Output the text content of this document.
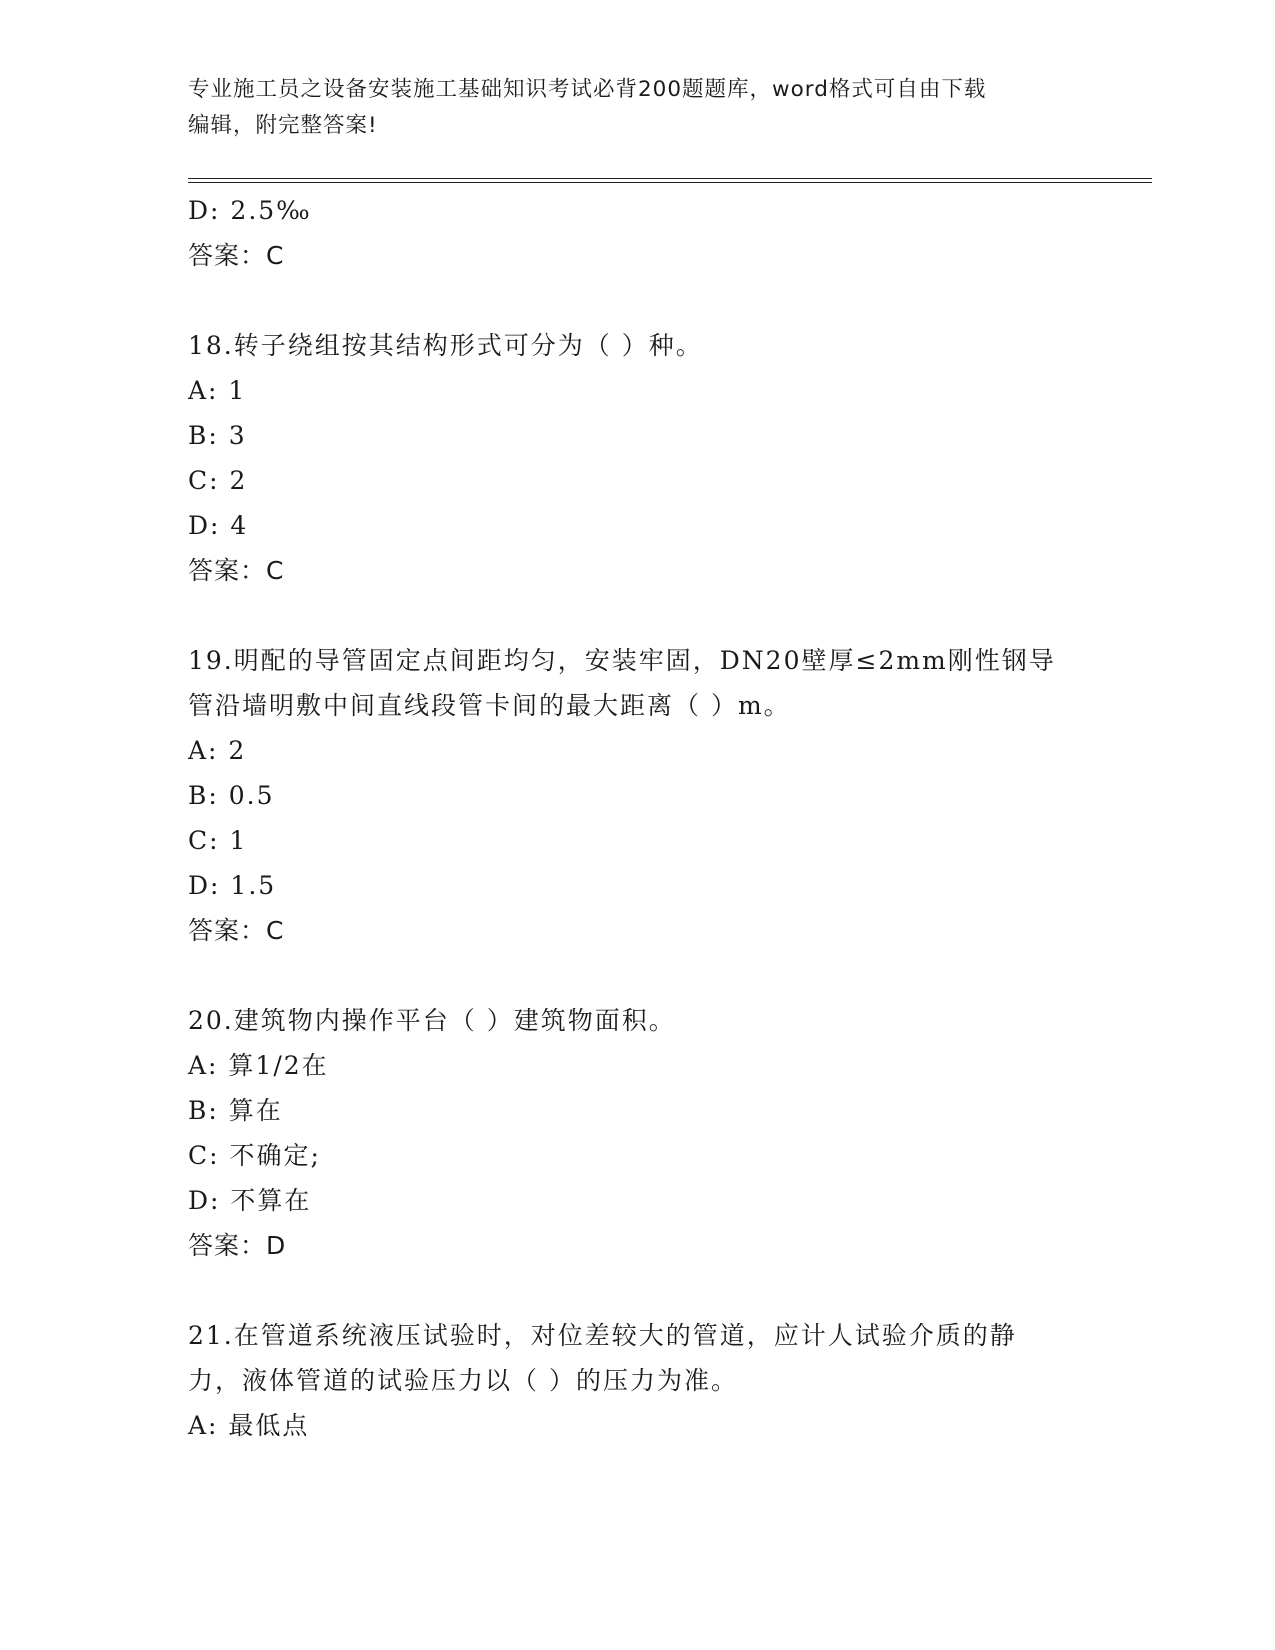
专业施工员之设备安装施工基础知识考试必背200题题库，word格式可自由下载
编辑，附完整答案!
D: 2.5‰
答案：C
18.转子绕组按其结构形式可分为（ ）种。
A: 1
B: 3
C: 2
D: 4
答案：C
19.明配的导管固定点间距均匀，安装牢固，DN20壁厚≤2mm刚性钢导
管沿墙明敷中间直线段管卡间的最大距离（ ）m。
A: 2
B: 0.5
C: 1
D: 1.5
答案：C
20.建筑物内操作平台（ ）建筑物面积。
A: 算1/2在
B: 算在
C: 不确定;
D: 不算在
答案：D
21.在管道系统液压试验时，对位差较大的管道，应计人试验介质的静
力，液体管道的试验压力以（ ）的压力为准。
A: 最低点
